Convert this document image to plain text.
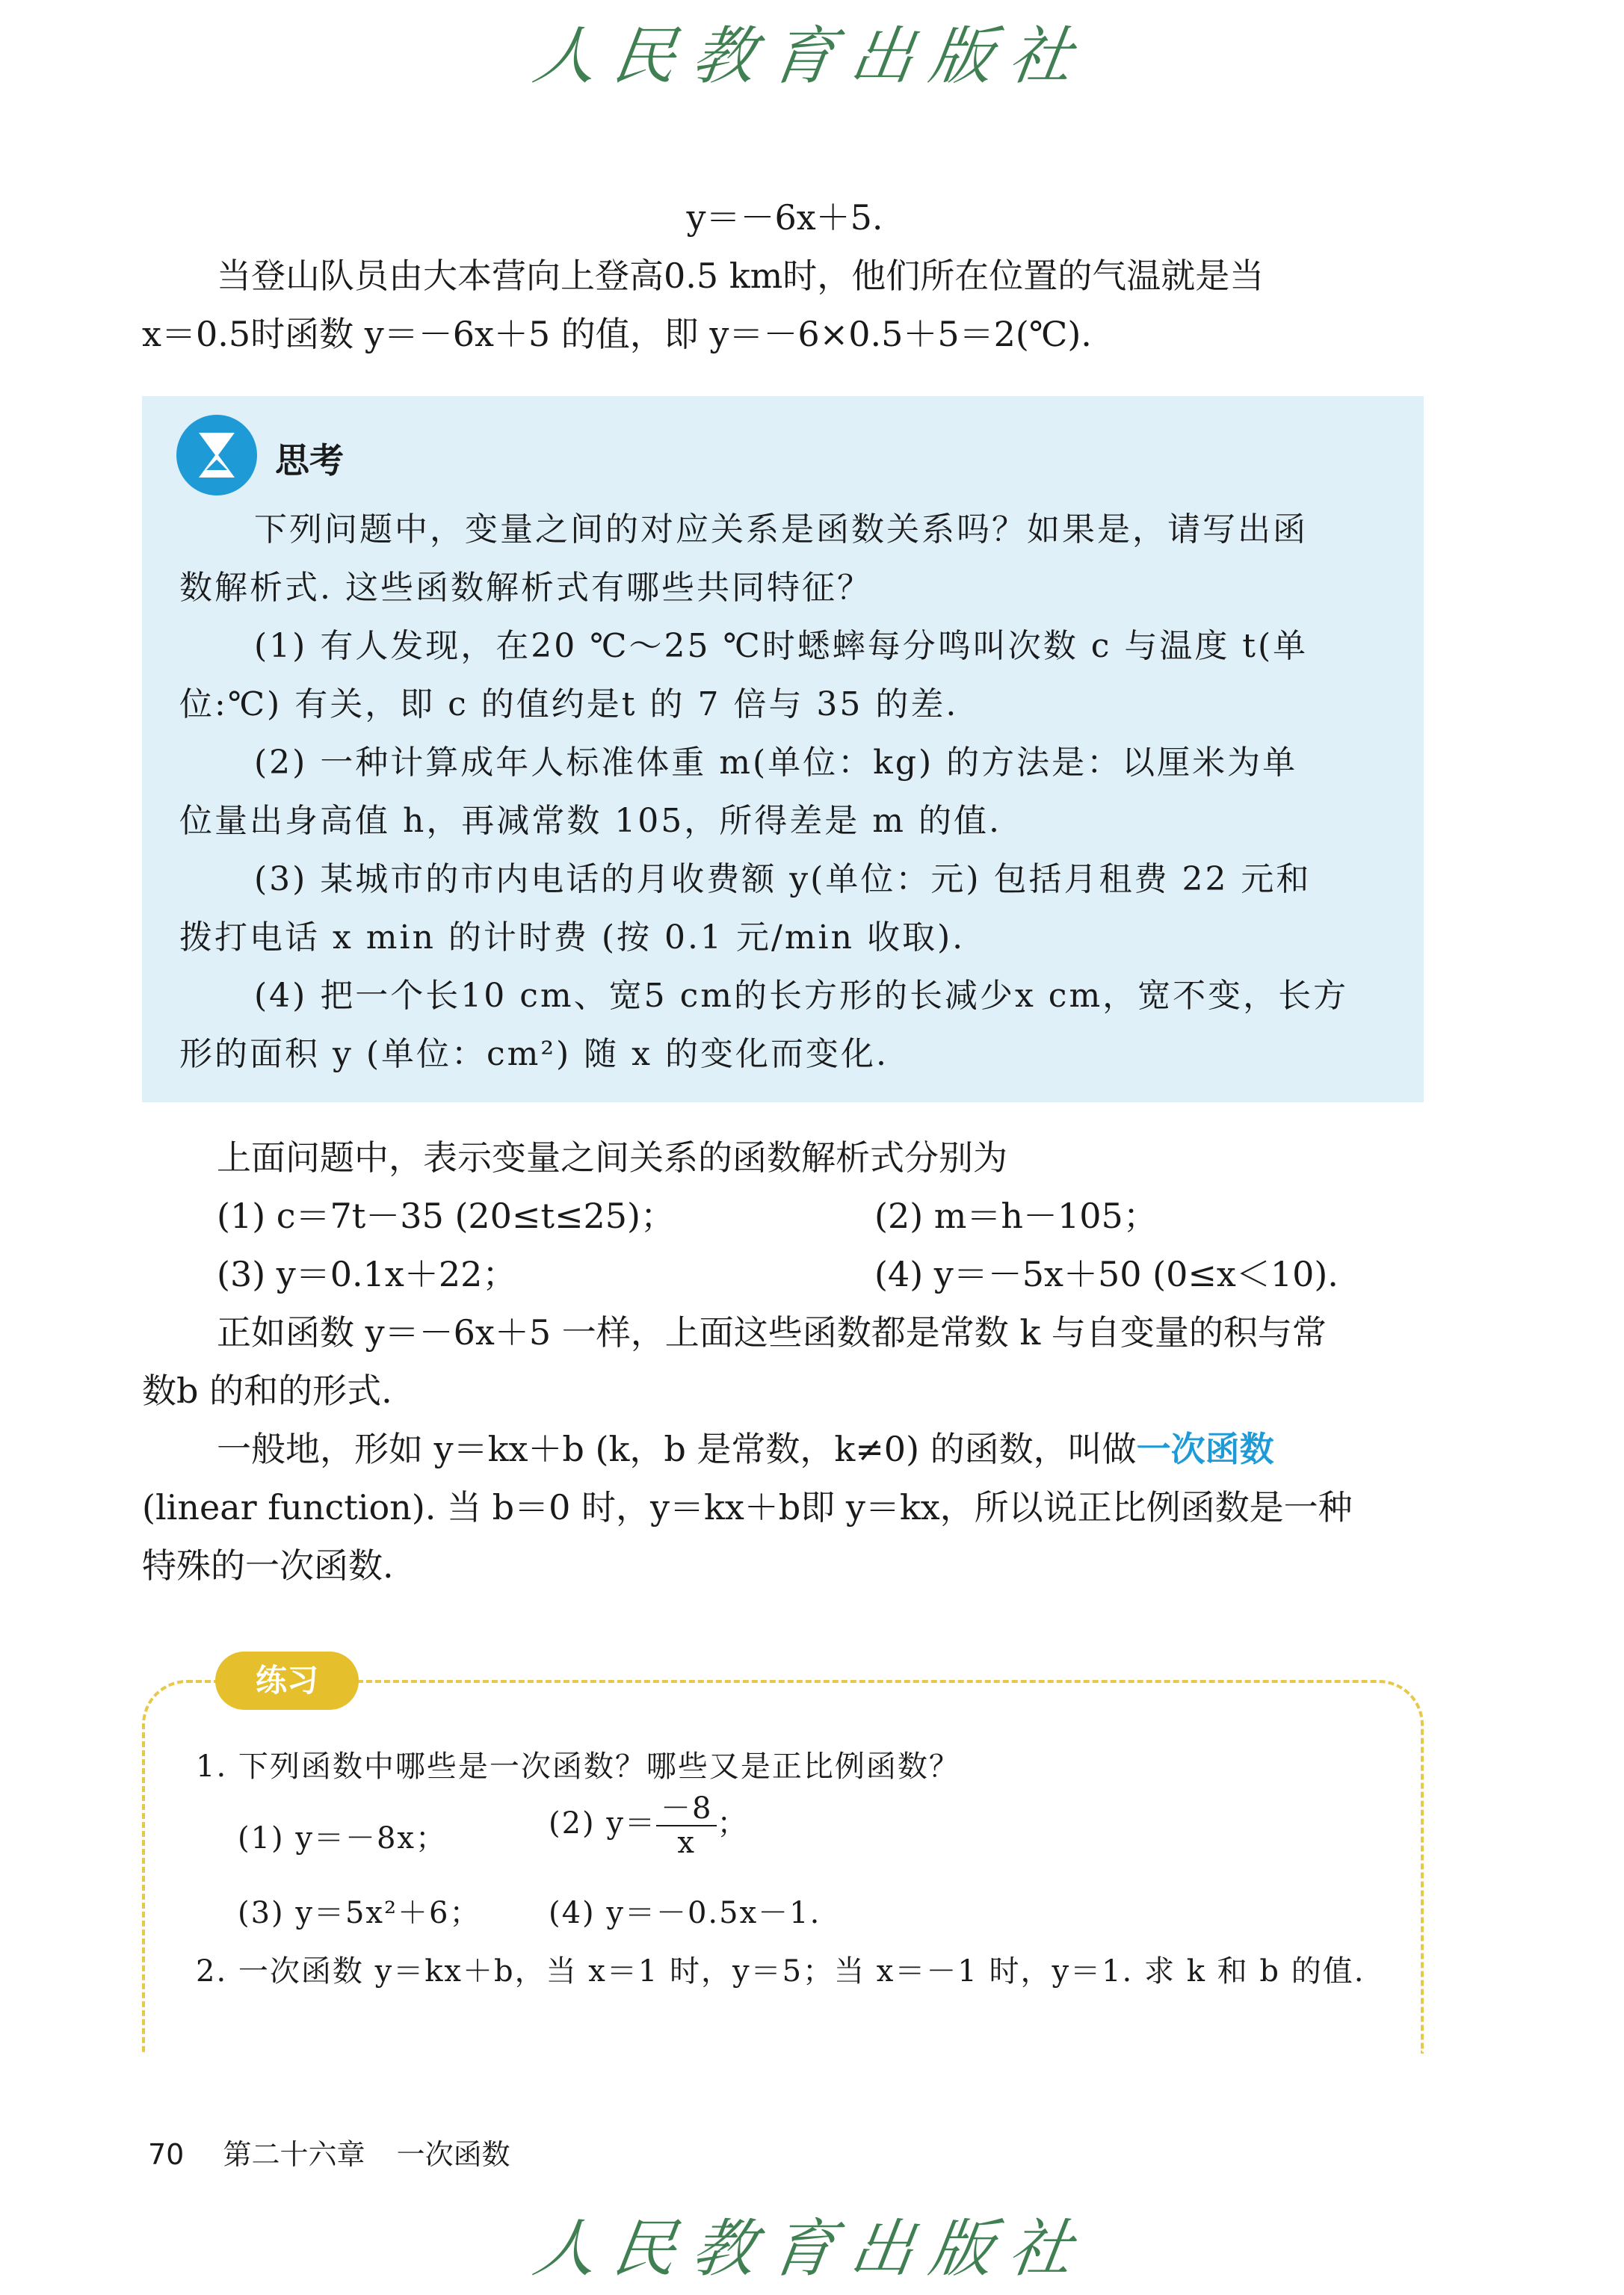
人民教育出版社
y＝－6x＋5.
当登山队员由大本营向上登高0.5 km时，他们所在位置的气温就是当
x＝0.5时函数 y＝－6x＋5 的值，即 y＝－6×0.5＋5＝2(℃).
思考
下列问题中，变量之间的对应关系是函数关系吗？如果是，请写出函
数解析式. 这些函数解析式有哪些共同特征？
(1) 有人发现，在20 ℃～25 ℃时蟋蟀每分鸣叫次数 c 与温度 t(单
位:℃) 有关，即 c 的值约是t 的 7 倍与 35 的差.
(2) 一种计算成年人标准体重 m(单位：kg) 的方法是：以厘米为单
位量出身高值 h，再减常数 105，所得差是 m 的值.
(3) 某城市的市内电话的月收费额 y(单位：元) 包括月租费 22 元和
拨打电话 x min 的计时费 (按 0.1 元/min 收取).
(4) 把一个长10 cm、宽5 cm的长方形的长减少x cm，宽不变，长方
形的面积 y (单位：cm²) 随 x 的变化而变化.
上面问题中，表示变量之间关系的函数解析式分别为
(1) c＝7t－35 (20≤t≤25)；	(2) m＝h－105；
(3) y＝0.1x＋22；	(4) y＝－5x＋50 (0≤x＜10).
正如函数 y＝－6x＋5 一样，上面这些函数都是常数 k 与自变量的积与常
数b 的和的形式.
一般地，形如 y＝kx＋b (k，b 是常数，k≠0) 的函数，叫做一次函数
(linear function). 当 b＝0 时，y＝kx＋b即 y＝kx，所以说正比例函数是一种
特殊的一次函数.
练习
1. 下列函数中哪些是一次函数？哪些又是正比例函数？
(1) y＝－8x；	(2) $y= \frac{-8}{x}$ ；
(3) y＝5x²＋6； (4) y＝－0.5x－1.
2. 一次函数 y＝kx＋b，当 x＝1 时，y＝5；当 x＝－1 时，y＝1. 求 k 和 b 的值.
70 第二十六章 一次函数
人民教育出版社
